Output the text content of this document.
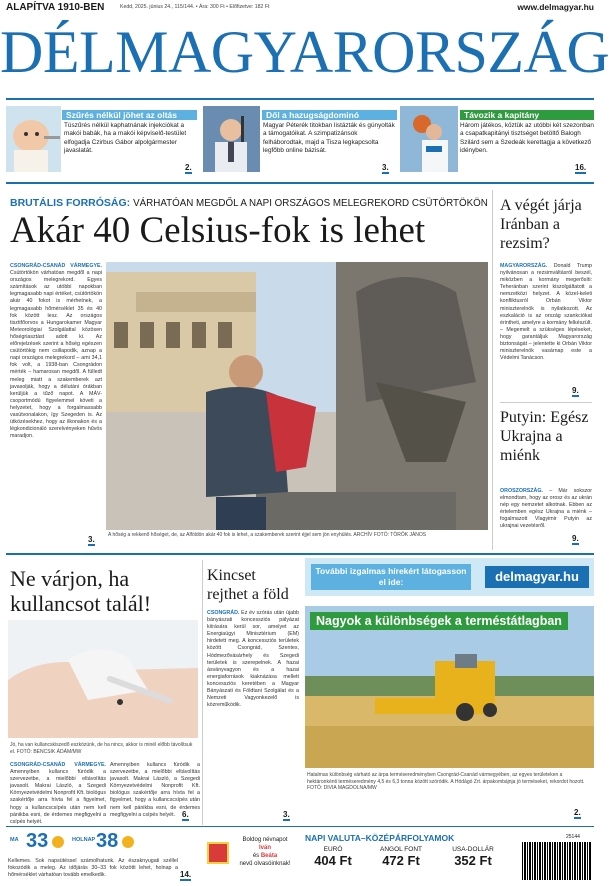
ALAPÍTVA 1910-BEN	Kedd, 2025. június 24., 115/144. • Ára: 300 Ft • Előfizetve: 182 Ft	www.delmagyar.hu
DÉLMAGYARORSZÁG
Szűrés nélkül jöhet az oltás
Túszűrés nélkül kaphatnának injekciókat a makói babák, ha a makói képviselő-testület elfogadja Czirbus Gábor alpolgármester javaslatát.
2.
Dől a hazugságdominó
Magyar Péterék titokban listázták és gúnyolták a támogatóikat. A szimpatizánsok felháborodtak, majd a Tisza legkapcsolta legfőbb online bázisát.
3.
Távozik a kapitány
Három játékos, köztük az utóbbi két szezonban a csapatkapitányi tisztséget betöltő Balogh Szilárd sem a Szedeák kerettagja a következő idényben.
16.
BRUTÁLIS FORRÓSÁG: VÁRHATÓAN MEGDŐL A NAPI ORSZÁGOS MELEGREKORD CSÜTÖRTÖKÖN
Akár 40 Celsius-fok is lehet
CSONGRÁD-CSANÁD VÁRMEGYE. Csütörtökön várhatóan megdől a napi országos melegrekord. Egyes számítások az utóbbi napokban legmagasabb napi értéket, csütörtökön akár 40 fokot is mérhetnek, a legmagasabb hőmérséklet 35 és 40 fok között lesz. Az országos tisztifőorvos a Hungarokamer Magyar Meteorológiai Szolgálattal közösen hőségriasztást adott ki. Az előrejelzések szerint a hőség egészen csütörtökig nem csillapodik, aznap a napi országos melegrekord – ami 34,1 fok volt, a 1938-ban Csongrádon mérték – hamarosan megdől. A fülledt meleg miatt a szakemberek azt javasolják, hogy a délutáni órákban kerüljük a tűző napot. A MÁV-csoportmódú figyelemmel követi a helyzetet, hogy a forgalmassabb vasútvonalakon, így Szegeden is. Az ütközésekhez, hogy az ilkonakon és a légkondicionáló szerelvényeken hűvös maradjon.
3.	A hőség a rekkenő hőséget, de, az Alföldön akár 40 fok is lehet, a szakemberek szerint éjjel sem jön enyhülés. ARCHÍV FOTÓ: TÖRÖK JÁNOS
A végét járja Iránban a rezsim?
MAGYARORSZÁG. Donald Trump nyilvánosan a rezsimváltásról beszél, miközben a kormány megerősíti: Teheránban szerint kiszolgáltatott a nemzetközi helyzet. A közel-keleti konfliktusról Orbán Viktor miniszterelnök is nyilatkozott. Az eszkaláció is az ország szankciókat érintheti, amelyre a kormány felkészült. – Megemelt a szükséges lépéseket, hogy garantáljuk Magyarország biztonságát – jelentette ki Orbán Viktor miniszterelnök vasárnap este a Védelmi Tanácson.
9.
Putyin: Egész Ukrajna a miénk
OROSZORSZÁG. – Már sokszor elmondtam, hogy az orosz és az ukrán nép egy nemzetet alkotnak. Ebben az értelemben egész Ukrajna a miénk – fogalmazott Vlagyimir Putyin az ukrajnai vezetésről.
9.
Ne várjon, ha kullancsot talál!
Jó, ha van kullancskiszedő eszközünk, de ha nincs, akkor is minél előbb távolítsuk el. FOTÓ: BENCSIK ÁDÁM/MW
CSONGRÁD-CSANÁD VÁRMEGYE. Amennyiben kullancs fúródik a szervezetbe, a mielőbbi eltávolítás javasolt. Makrai László, a Szegedi Környezetvédelmi Nonprofit Kft. biológus szakértője arra hívta fel a figyelmet, hogy a kullancscsípés után nem kell pánikba esni, de érdemes megfigyelni a csípés helyét.
Amennyiben kullancs fúródik a szervezetbe, a mielőbbi eltávolítás javasolt. Makrai László, a Szegedi Környezetvédelmi Nonprofit Kft. biológus szakértője arra hívta fel a figyelmet, hogy a kullancscsípés után nem kell pánikba esni, de érdemes megfigyelni a csípés helyét. 6.
Kincset rejthet a föld
CSONGRÁD. Ez év szórás után újabb bányászati koncessziós pályázat kiírására kerül sor, amelyet az Energiaügyi Minisztérium (EM) hirdetett meg. A koncessziós területek között Csongrád, Szentes, Hódmezővásárhely és Szegedi területek is szerepelnek. A hazai ásványvagyon és a hazai energiaforrások kiaknázása mellett koncessziós keretében a Magyar Bányászati és Földtani Szolgálat és a Nemzeti Vagyonkezelő is közreműködik.
3.
További izgalmas hírekért látogasson el ide:	delmagyar.hu
Nagyok a különbségek a terméstátlagban
Hatalmas különbség várható az árpa terméseredményben Csongrád-Csanád vármegyében, az egyes területeken a hektáronkénti terméseredmény 4,5 és 6,3 tonna között szóródik. A Hódágó Zrt. árpakombájnja jó terméseket, rekordot hozott. FOTÓ: DIVIA MAGDOLNA/MW
2.
MA 33	HOLNAP 38
Kellemes. Sok napsütéssel számolhatunk. Az északnyugati széllel fokozódik a meleg. Az időjárás 30–33 fok közötti lehet, holnap a hőmérséklet várhatóan tovább emelkedik.	14.
Boldog névnapot
Iván
és Beáta
nevű olvasóinknak!
NAPI VALUTA–KÖZÉPÁRFOLYAMOK
EURÓ
404 Ft
ANGOL FONT
472 Ft
USA-DOLLÁR
352 Ft
25144
